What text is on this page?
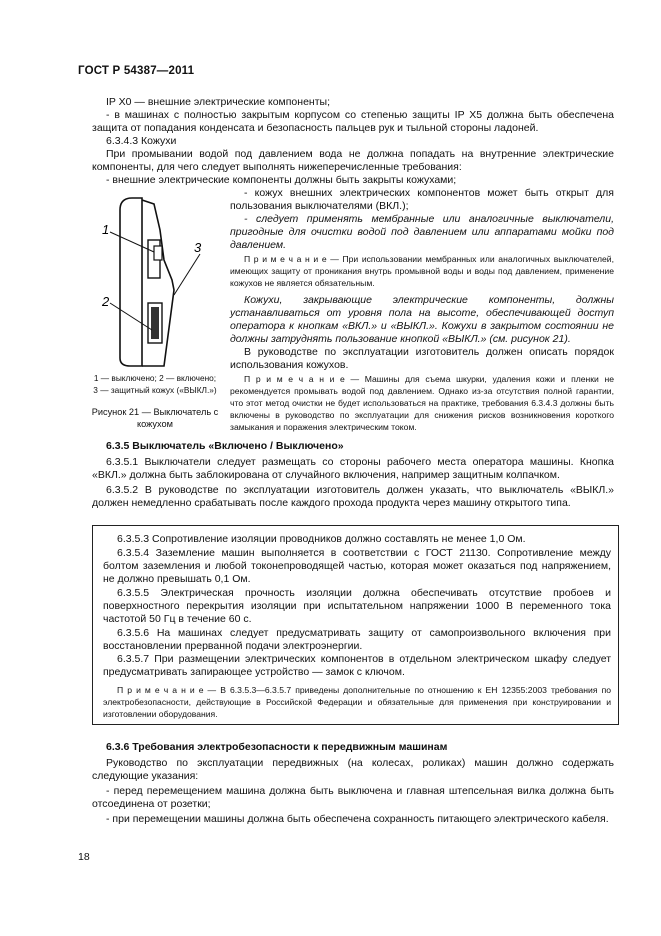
ГОСТ Р 54387—2011

IP X0 — внешние электрические компоненты;

- в машинах с полностью закрытым корпусом со степенью защиты IP X5 должна быть обеспечена защита от попадания конденсата и безопасность пальцев рук и тыльной стороны ладоней.

6.3.4.3 Кожухи

При промывании водой под давлением вода не должна попадать на внутренние электрические компоненты, для чего следует выполнять нижеперечисленные требования:

- внешние электрические компоненты должны быть закрыты кожухами;

- кожух внешних электрических компонентов может быть открыт для пользования выключателями (ВКЛ.);

- следует применять мембранные или аналогичные выключатели, пригодные для очистки водой под давлением или аппаратами мойки под давлением.

П р и м е ч а н и е — При использовании мембранных или аналогичных выключателей, имеющих защиту от проникания внутрь промывной воды и воды под давлением, применение кожухов не является обязательным.

Кожухи, закрывающие электрические компоненты, должны устанавливаться от уровня пола на высоте, обеспечивающей доступ оператора к кнопкам «ВКЛ.» и «ВЫКЛ.». Кожухи в закрытом состоянии не должны затруднять пользование кнопкой «ВЫКЛ.» (см. рисунок 21).

В руководстве по эксплуатации изготовитель должен описать порядок использования кожухов.

П р и м е ч а н и е — Машины для съема шкурки, удаления кожи и пленки не рекомендуется промывать водой под давлением. Однако из-за отсутствия полной гарантии, что этот метод очистки не будет использоваться на практике, требования 6.3.4.3 должны быть включены в руководство по эксплуатации для снижения рисков возникновения короткого замыкания и поражения электрическим током.

1
2
3
1 — выключено; 2 — включено;
3 — защитный кожух («ВЫКЛ.»)
Рисунок 21 — Выключатель с кожухом

6.3.5 Выключатель «Включено / Выключено»

6.3.5.1 Выключатели следует размещать со стороны рабочего места оператора машины. Кнопка «ВКЛ.» должна быть заблокирована от случайного включения, например защитным колпачком.

6.3.5.2 В руководстве по эксплуатации изготовитель должен указать, что выключатель «ВЫКЛ.» должен немедленно срабатывать после каждого прохода продукта через машину открытого типа.

6.3.5.3 Сопротивление изоляции проводников должно составлять не менее 1,0 Ом.

6.3.5.4 Заземление машин выполняется в соответствии с ГОСТ 21130. Сопротивление между болтом заземления и любой токонепроводящей частью, которая может оказаться под напряжением, не должно превышать 0,1 Ом.

6.3.5.5 Электрическая прочность изоляции должна обеспечивать отсутствие пробоев и поверхностного перекрытия изоляции при испытательном напряжении 1000 В переменного тока частотой 50 Гц в течение 60 с.

6.3.5.6 На машинах следует предусматривать защиту от самопроизвольного включения при восстановлении прерванной подачи электроэнергии.

6.3.5.7 При размещении электрических компонентов в отдельном электрическом шкафу следует предусматривать запирающее устройство — замок с ключом.

П р и м е ч а н и е — В 6.3.5.3—6.3.5.7 приведены дополнительные по отношению к ЕН 12355:2003 требования по электробезопасности, действующие в Российской Федерации и обязательные для применения при конструировании и изготовлении оборудования.

6.3.6 Требования электробезопасности к передвижным машинам

Руководство по эксплуатации передвижных (на колесах, роликах) машин должно содержать следующие указания:

- перед перемещением машина должна быть выключена и главная штепсельная вилка должна быть отсоединена от розетки;

- при перемещении машины должна быть обеспечена сохранность питающего электрического кабеля.

18
